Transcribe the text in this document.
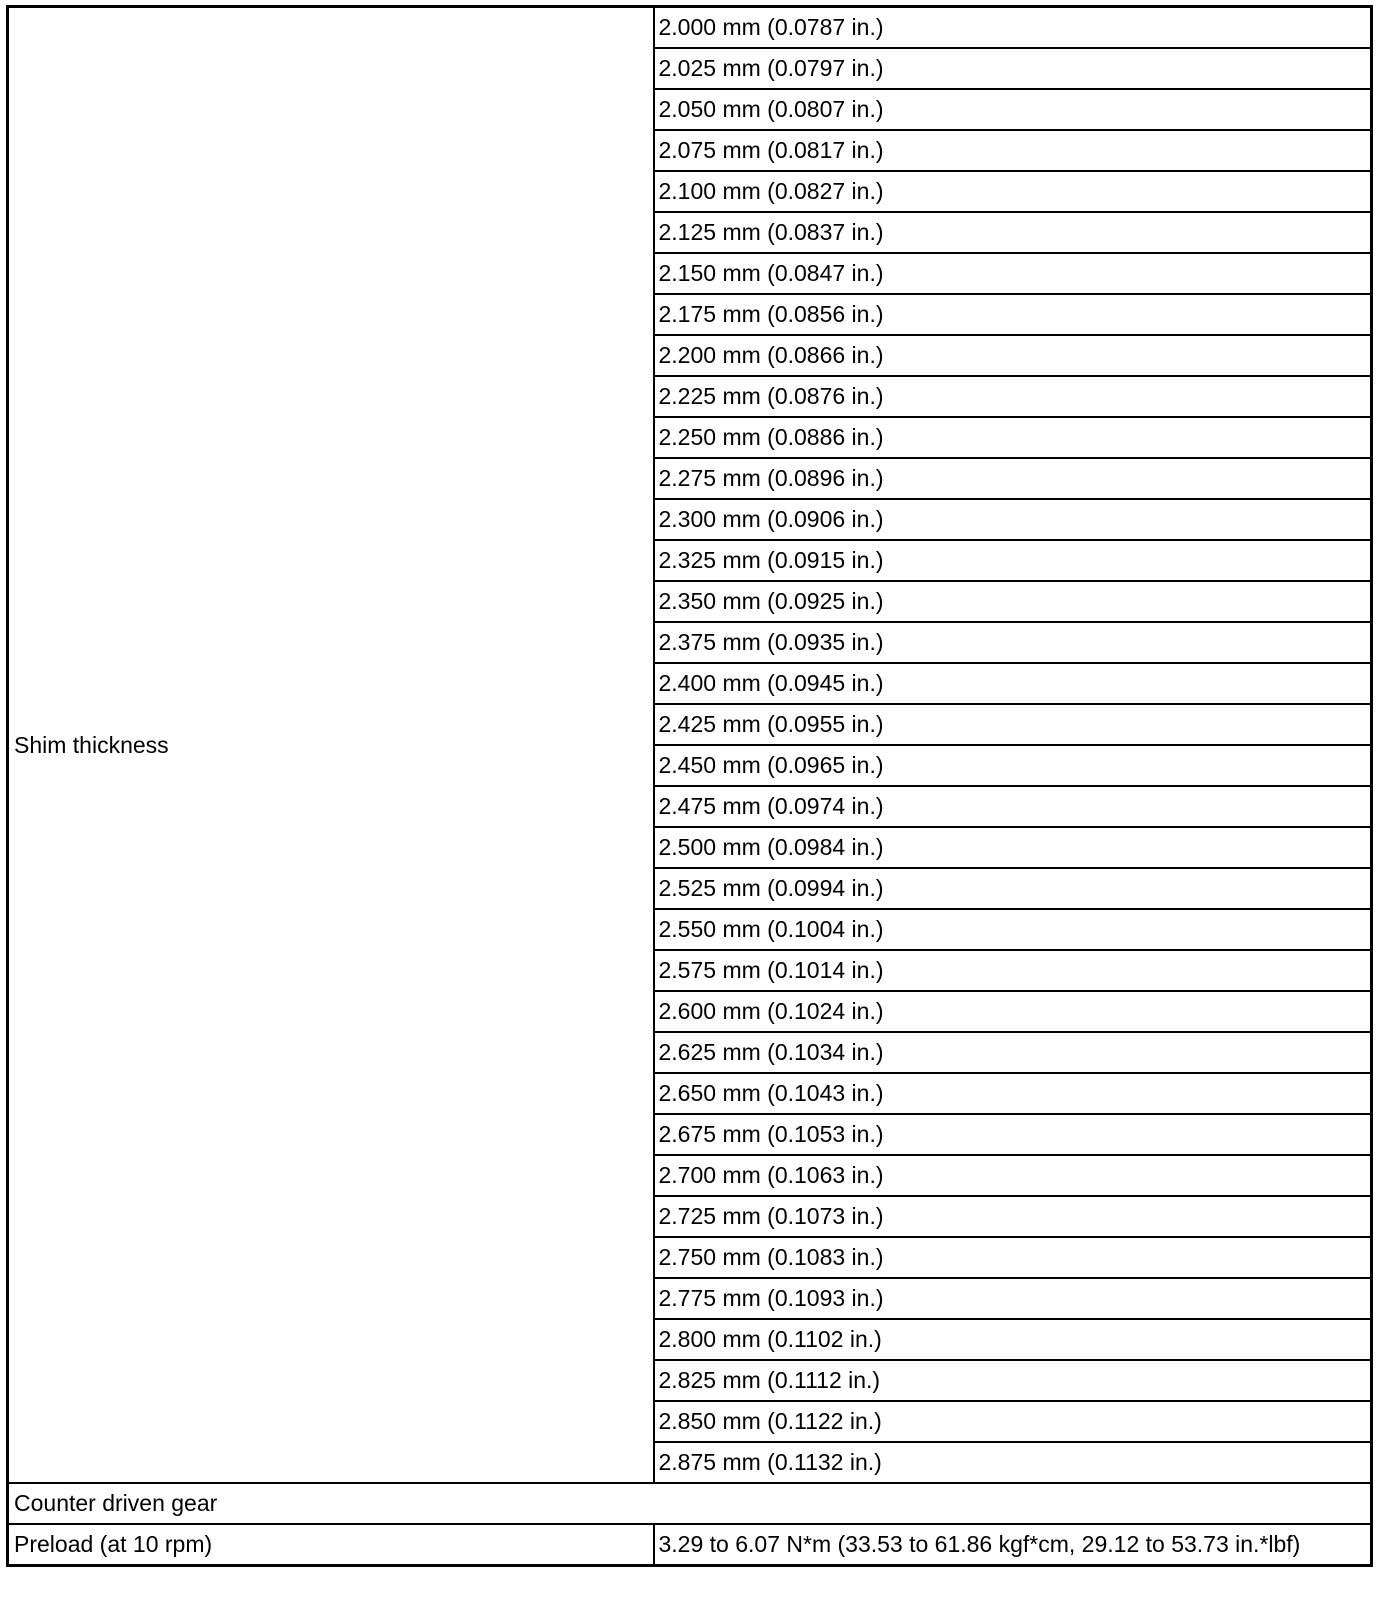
Shim thickness	2.000 mm (0.0787 in.)
	2.025 mm (0.0797 in.)
	2.050 mm (0.0807 in.)
	2.075 mm (0.0817 in.)
	2.100 mm (0.0827 in.)
	2.125 mm (0.0837 in.)
	2.150 mm (0.0847 in.)
	2.175 mm (0.0856 in.)
	2.200 mm (0.0866 in.)
	2.225 mm (0.0876 in.)
	2.250 mm (0.0886 in.)
	2.275 mm (0.0896 in.)
	2.300 mm (0.0906 in.)
	2.325 mm (0.0915 in.)
	2.350 mm (0.0925 in.)
	2.375 mm (0.0935 in.)
	2.400 mm (0.0945 in.)
	2.425 mm (0.0955 in.)
	2.450 mm (0.0965 in.)
	2.475 mm (0.0974 in.)
	2.500 mm (0.0984 in.)
	2.525 mm (0.0994 in.)
	2.550 mm (0.1004 in.)
	2.575 mm (0.1014 in.)
	2.600 mm (0.1024 in.)
	2.625 mm (0.1034 in.)
	2.650 mm (0.1043 in.)
	2.675 mm (0.1053 in.)
	2.700 mm (0.1063 in.)
	2.725 mm (0.1073 in.)
	2.750 mm (0.1083 in.)
	2.775 mm (0.1093 in.)
	2.800 mm (0.1102 in.)
	2.825 mm (0.1112 in.)
	2.850 mm (0.1122 in.)
	2.875 mm (0.1132 in.)
Counter driven gear	
Preload (at 10 rpm)	3.29 to 6.07 N*m (33.53 to 61.86 kgf*cm, 29.12 to 53.73 in.*lbf)
